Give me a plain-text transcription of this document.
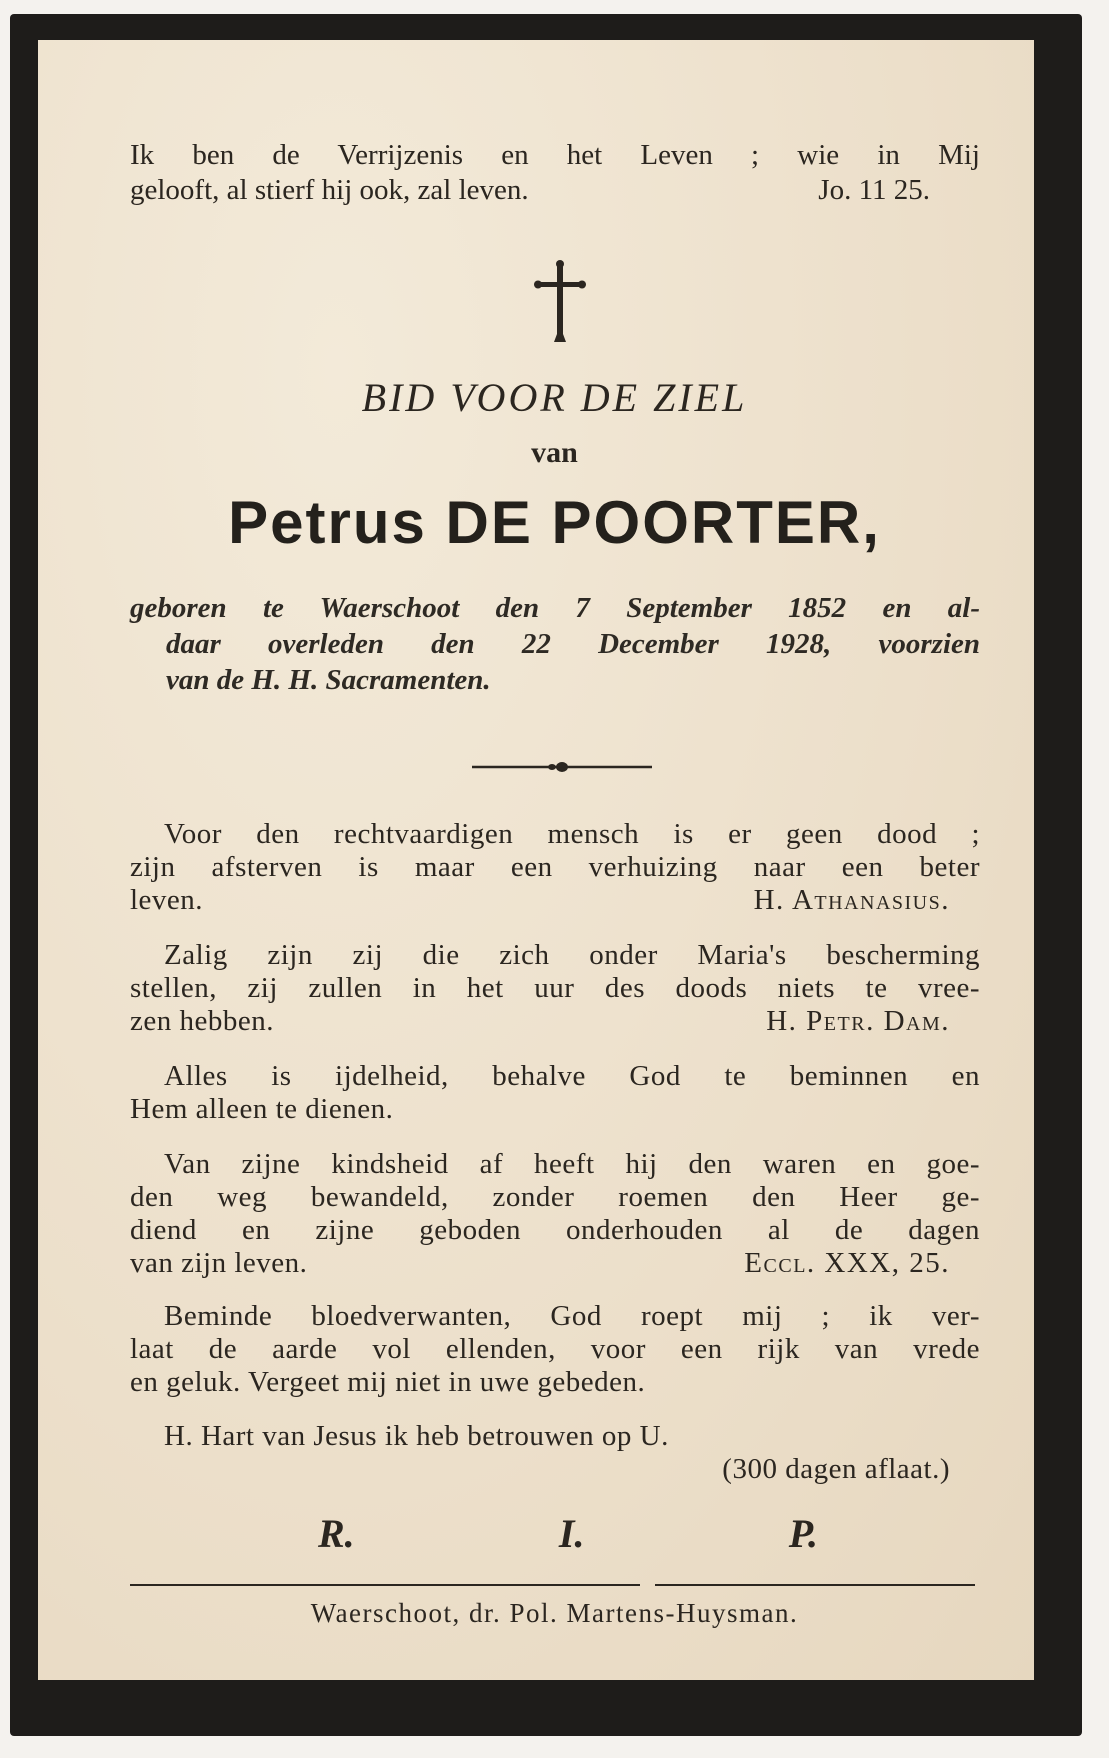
Ik ben de Verrijzenis en het Leven ; wie in Mij
gelooft, al stierf hij ook, zal leven.	Jo. 11 25.
BID VOOR DE ZIEL
van
Petrus DE POORTER,
geboren te Waerschoot den 7 September 1852 en al-
daar overleden den 22 December 1928, voorzien
van de H. H. Sacramenten.
Voor den rechtvaardigen mensch is er geen dood ;
zijn afsterven is maar een verhuizing naar een beter
leven.	H. Athanasius.
Zalig zijn zij die zich onder Maria's bescherming
stellen, zij zullen in het uur des doods niets te vree-
zen hebben.	H. Petr. Dam.
Alles is ijdelheid, behalve God te beminnen en
Hem alleen te dienen.
Van zijne kindsheid af heeft hij den waren en goe-
den weg bewandeld, zonder roemen den Heer ge-
diend en zijne geboden onderhouden al de dagen
van zijn leven.	Eccl. XXX, 25.
Beminde bloedverwanten, God roept mij ; ik ver-
laat de aarde vol ellenden, voor een rijk van vrede
en geluk. Vergeet mij niet in uwe gebeden.
H. Hart van Jesus ik heb betrouwen op U.
(300 dagen aflaat.)
R.	I.	P.
Waerschoot, dr. Pol. Martens-Huysman.
